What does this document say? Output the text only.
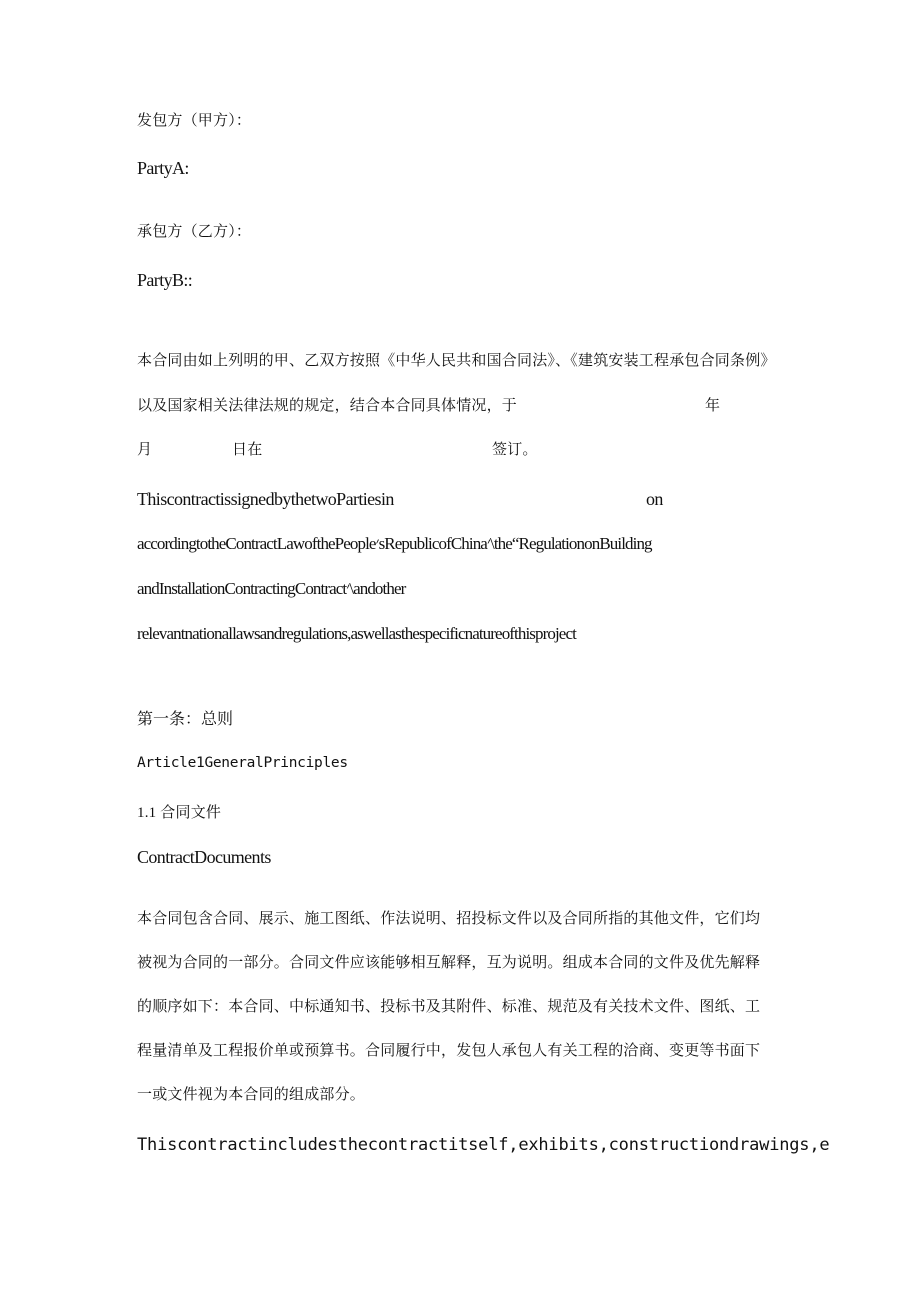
发包方（甲方）：
PartyA:
承包方（乙方）：
PartyB::
本合同由如上列明的甲、乙双方按照《中华人民共和国合同法》、《建筑安装工程承包合同条例》
以及国家相关法律法规的规定，结合本合同具体情况，于	年
月	日在	签订。
ThiscontractissignedbythetwoPartiesin	on
accordingtotheContractLawofthePeople׳sRepublicofChina׳\the“RegulationonBuilding
andInstallationContractingContract׳\andother
relevantnationallawsandregulations,aswellasthespecificnatureofthisproject
第一条：总则
Article1GeneralPrinciples
1.1 合同文件
ContractDocuments
本合同包含合同、展示、施工图纸、作法说明、招投标文件以及合同所指的其他文件，它们均
被视为合同的一部分。合同文件应该能够相互解释，互为说明。组成本合同的文件及优先解释
的顺序如下：本合同、中标通知书、投标书及其附件、标准、规范及有关技术文件、图纸、工
程量清单及工程报价单或预算书。合同履行中，发包人承包人有关工程的洽商、变更等书面下
一或文件视为本合同的组成部分。
Thiscontractincludesthecontractitself,exhibits,constructiondrawings,e
